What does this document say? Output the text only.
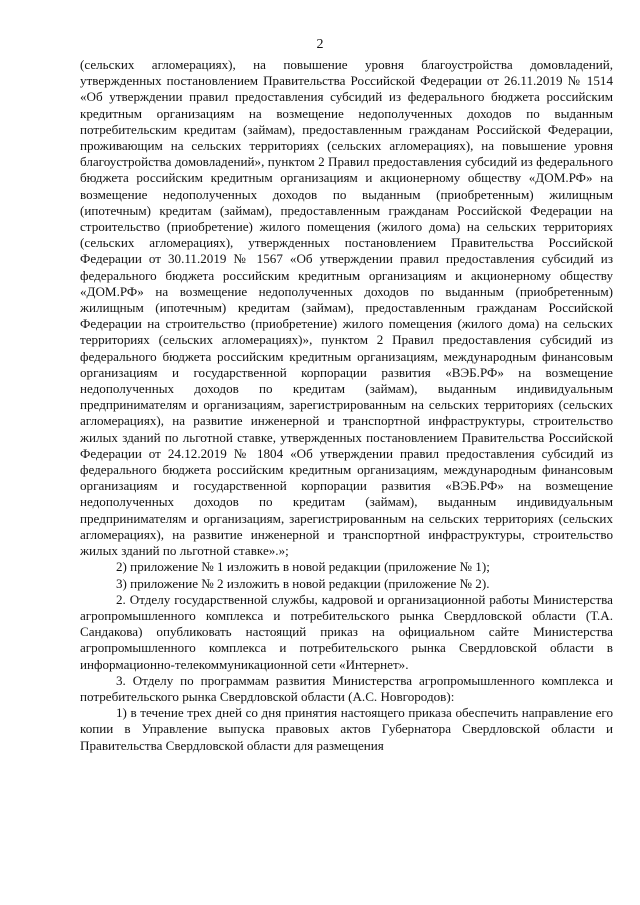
2

(сельских агломерациях), на повышение уровня благоустройства домовладений, утвержденных постановлением Правительства Российской Федерации от 26.11.2019 № 1514 «Об утверждении правил предоставления субсидий из федерального бюджета российским кредитным организациям на возмещение недополученных доходов по выданным потребительским кредитам (займам), предоставленным гражданам Российской Федерации, проживающим на сельских территориях (сельских агломерациях), на повышение уровня благоустройства домовладений», пунктом 2 Правил предоставления субсидий из федерального бюджета российским кредитным организациям и акционерному обществу «ДОМ.РФ» на возмещение недополученных доходов по выданным (приобретенным) жилищным (ипотечным) кредитам (займам), предоставленным гражданам Российской Федерации на строительство (приобретение) жилого помещения (жилого дома) на сельских территориях (сельских агломерациях), утвержденных постановлением Правительства Российской Федерации от 30.11.2019 № 1567 «Об утверждении правил предоставления субсидий из федерального бюджета российским кредитным организациям и акционерному обществу «ДОМ.РФ» на возмещение недополученных доходов по выданным (приобретенным) жилищным (ипотечным) кредитам (займам), предоставленным гражданам Российской Федерации на строительство (приобретение) жилого помещения (жилого дома) на сельских территориях (сельских агломерациях)», пунктом 2 Правил предоставления субсидий из федерального бюджета российским кредитным организациям, международным финансовым организациям и государственной корпорации развития «ВЭБ.РФ» на возмещение недополученных доходов по кредитам (займам), выданным индивидуальным предпринимателям и организациям, зарегистрированным на сельских территориях (сельских агломерациях), на развитие инженерной и транспортной инфраструктуры, строительство жилых зданий по льготной ставке, утвержденных постановлением Правительства Российской Федерации от 24.12.2019 № 1804 «Об утверждении правил предоставления субсидий из федерального бюджета российским кредитным организациям, международным финансовым организациям и государственной корпорации развития «ВЭБ.РФ» на возмещение недополученных доходов по кредитам (займам), выданным индивидуальным предпринимателям и организациям, зарегистрированным на сельских территориях (сельских агломерациях), на развитие инженерной и транспортной инфраструктуры, строительство жилых зданий по льготной ставке».»;

2) приложение № 1 изложить в новой редакции (приложение № 1);

3) приложение № 2 изложить в новой редакции (приложение № 2).

2. Отделу государственной службы, кадровой и организационной работы Министерства агропромышленного комплекса и потребительского рынка Свердловской области (Т.А. Сандакова) опубликовать настоящий приказ на официальном сайте Министерства агропромышленного комплекса и потребительского рынка Свердловской области в информационно-телекоммуникационной сети «Интернет».

3. Отделу по программам развития Министерства агропромышленного комплекса и потребительского рынка Свердловской области (А.С. Новгородов):

1) в течение трех дней со дня принятия настоящего приказа обеспечить направление его копии в Управление выпуска правовых актов Губернатора Свердловской области и Правительства Свердловской области для размещения
